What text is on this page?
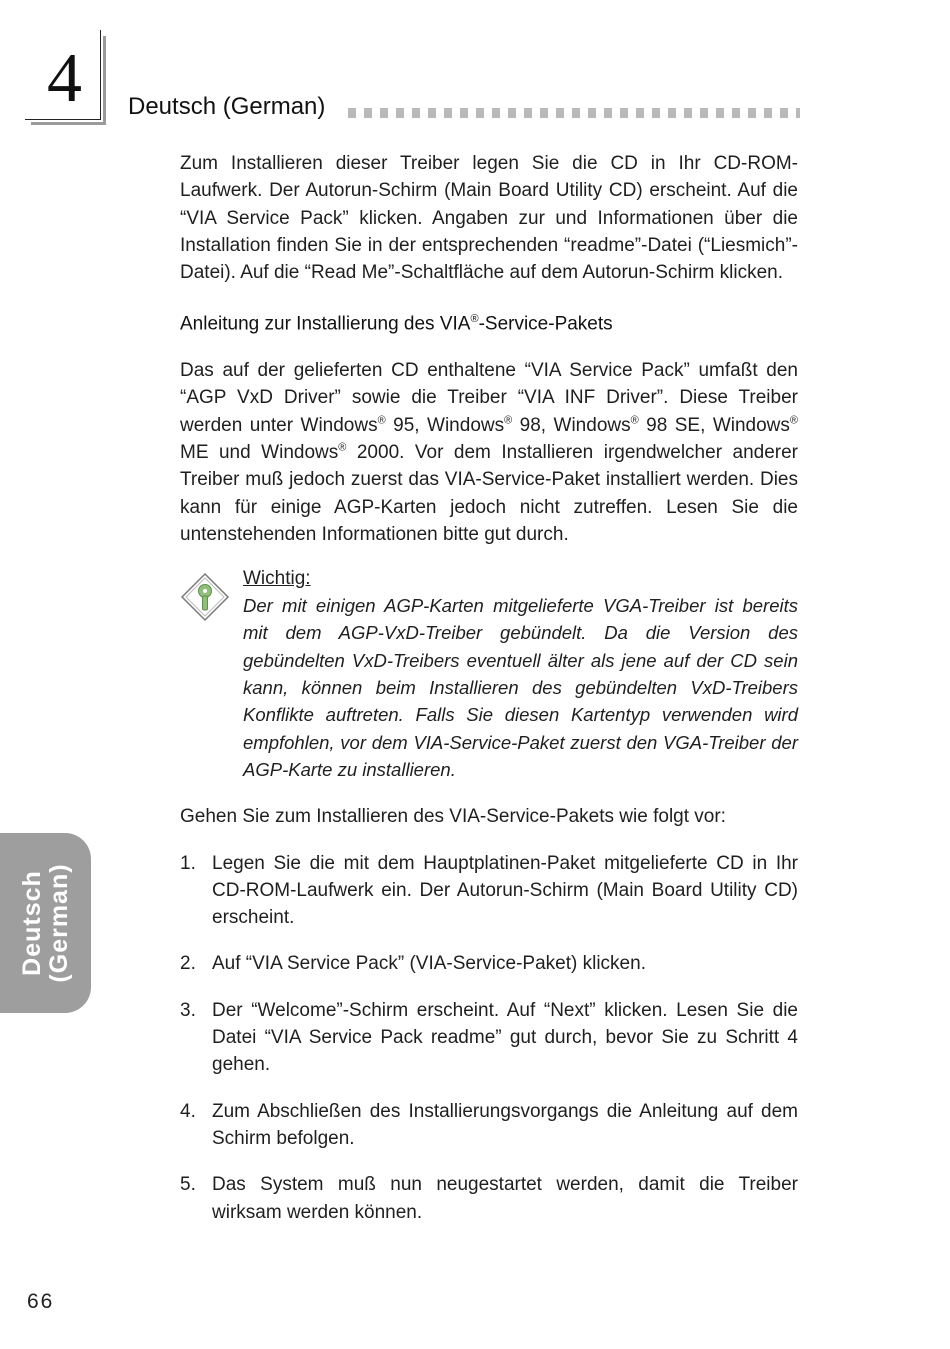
4 Deutsch (German)

Zum Installieren dieser Treiber legen Sie die CD in Ihr CD-ROM-Laufwerk. Der Autorun-Schirm (Main Board Utility CD) erscheint. Auf die “VIA Service Pack” klicken. Angaben zur und Informationen über die Installation finden Sie in der entsprechenden “readme”-Datei (“Liesmich”-Datei). Auf die “Read Me”-Schaltfläche auf dem Autorun-Schirm klicken.

Anleitung zur Installierung des VIA®-Service-Pakets

Das auf der gelieferten CD enthaltene “VIA Service Pack” umfaßt den “AGP VxD Driver” sowie die Treiber “VIA INF Driver”. Diese Treiber werden unter Windows® 95, Windows® 98, Windows® 98 SE, Windows® ME und Windows® 2000. Vor dem Installieren irgendwelcher anderer Treiber muß jedoch zuerst das VIA-Service-Paket installiert werden. Dies kann für einige AGP-Karten jedoch nicht zutreffen. Lesen Sie die untenstehenden Informationen bitte gut durch.

Wichtig:

Der mit einigen AGP-Karten mitgelieferte VGA-Treiber ist bereits mit dem AGP-VxD-Treiber gebündelt. Da die Version des gebündelten VxD-Treibers eventuell älter als jene auf der CD sein kann, können beim Installieren des gebündelten VxD-Treibers Konflikte auftreten. Falls Sie diesen Kartentyp verwenden wird empfohlen, vor dem VIA-Service-Paket zuerst den VGA-Treiber der AGP-Karte zu installieren.

Gehen Sie zum Installieren des VIA-Service-Pakets wie folgt vor:

1. Legen Sie die mit dem Hauptplatinen-Paket mitgelieferte CD in Ihr CD-ROM-Laufwerk ein. Der Autorun-Schirm (Main Board Utility CD) erscheint.
2. Auf “VIA Service Pack” (VIA-Service-Paket) klicken.
3. Der “Welcome”-Schirm erscheint. Auf “Next” klicken. Lesen Sie die Datei “VIA Service Pack readme” gut durch, bevor Sie zu Schritt 4 gehen.
4. Zum Abschließen des Installierungsvorgangs die Anleitung auf dem Schirm befolgen.
5. Das System muß nun neugestartet werden, damit die Treiber wirksam werden können.
Deutsch (German)
66
